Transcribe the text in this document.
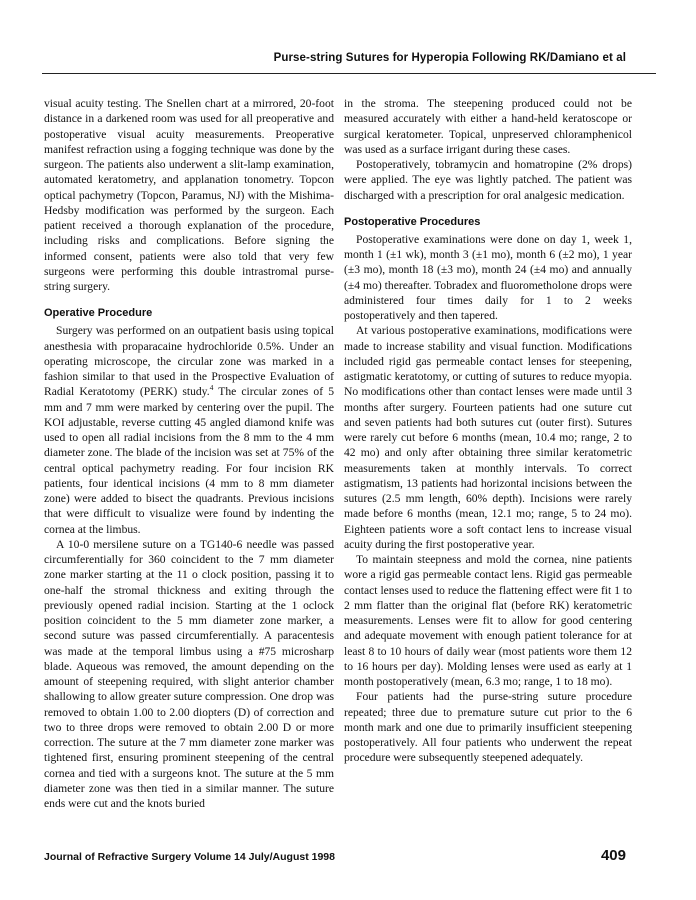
Purse-string Sutures for Hyperopia Following RK/Damiano et al

visual acuity testing. The Snellen chart at a mirrored, 20-foot distance in a darkened room was used for all preoperative and postoperative visual acuity measurements. Preoperative manifest refraction using a fogging technique was done by the surgeon. The patients also underwent a slit-lamp examination, automated keratometry, and applanation tonometry. Topcon optical pachymetry (Topcon, Paramus, NJ) with the Mishima-Hedsby modification was performed by the surgeon. Each patient received a thorough explanation of the procedure, including risks and complications. Before signing the informed consent, patients were also told that very few surgeons were performing this double intrastromal purse-string surgery.

Operative Procedure

Surgery was performed on an outpatient basis using topical anesthesia with proparacaine hydrochloride 0.5%. Under an operating microscope, the circular zone was marked in a fashion similar to that used in the Prospective Evaluation of Radial Keratotomy (PERK) study.$^4$ The circular zones of 5 mm and 7 mm were marked by centering over the pupil. The KOI adjustable, reverse cutting 45 angled diamond knife was used to open all radial incisions from the 8 mm to the 4 mm diameter zone. The blade of the incision was set at 75% of the central optical pachymetry reading. For four incision RK patients, four identical incisions (4 mm to 8 mm diameter zone) were added to bisect the quadrants. Previous incisions that were difficult to visualize were found by indenting the cornea at the limbus.

A 10-0 mersilene suture on a TG140-6 needle was passed circumferentially for 360 coincident to the 7 mm diameter zone marker starting at the 11 o clock position, passing it to one-half the stromal thickness and exiting through the previously opened radial incision. Starting at the 1 oclock position coincident to the 5 mm diameter zone marker, a second suture was passed circumferentially. A paracentesis was made at the temporal limbus using a #75 microsharp blade. Aqueous was removed, the amount depending on the amount of steepening required, with slight anterior chamber shallowing to allow greater suture compression. One drop was removed to obtain 1.00 to 2.00 diopters (D) of correction and two to three drops were removed to obtain 2.00 D or more correction. The suture at the 7 mm diameter zone marker was tightened first, ensuring prominent steepening of the central cornea and tied with a surgeons knot. The suture at the 5 mm diameter zone was then tied in a similar manner. The suture ends were cut and the knots buried

in the stroma. The steepening produced could not be measured accurately with either a hand-held keratoscope or surgical keratometer. Topical, unpreserved chloramphenicol was used as a surface irrigant during these cases.

Postoperatively, tobramycin and homatropine (2% drops) were applied. The eye was lightly patched. The patient was discharged with a prescription for oral analgesic medication.

Postoperative Procedures

Postoperative examinations were done on day 1, week 1, month 1 (±1 wk), month 3 (±1 mo), month 6 (±2 mo), 1 year (±3 mo), month 18 (±3 mo), month 24 (±4 mo) and annually (±4 mo) thereafter. Tobradex and fluorometholone drops were administered four times daily for 1 to 2 weeks postoperatively and then tapered.

At various postoperative examinations, modifications were made to increase stability and visual function. Modifications included rigid gas permeable contact lenses for steepening, astigmatic keratotomy, or cutting of sutures to reduce myopia. No modifications other than contact lenses were made until 3 months after surgery. Fourteen patients had one suture cut and seven patients had both sutures cut (outer first). Sutures were rarely cut before 6 months (mean, 10.4 mo; range, 2 to 42 mo) and only after obtaining three similar keratometric measurements taken at monthly intervals. To correct astigmatism, 13 patients had horizontal incisions between the sutures (2.5 mm length, 60% depth). Incisions were rarely made before 6 months (mean, 12.1 mo; range, 5 to 24 mo). Eighteen patients wore a soft contact lens to increase visual acuity during the first postoperative year.

To maintain steepness and mold the cornea, nine patients wore a rigid gas permeable contact lens. Rigid gas permeable contact lenses used to reduce the flattening effect were fit 1 to 2 mm flatter than the original flat (before RK) keratometric measurements. Lenses were fit to allow for good centering and adequate movement with enough patient tolerance for at least 8 to 10 hours of daily wear (most patients wore them 12 to 16 hours per day). Molding lenses were used as early at 1 month postoperatively (mean, 6.3 mo; range, 1 to 18 mo).

Four patients had the purse-string suture procedure repeated; three due to premature suture cut prior to the 6 month mark and one due to primarily insufficient steepening postoperatively. All four patients who underwent the repeat procedure were subsequently steepened adequately.

Journal of Refractive Surgery Volume 14 July/August 1998	409
